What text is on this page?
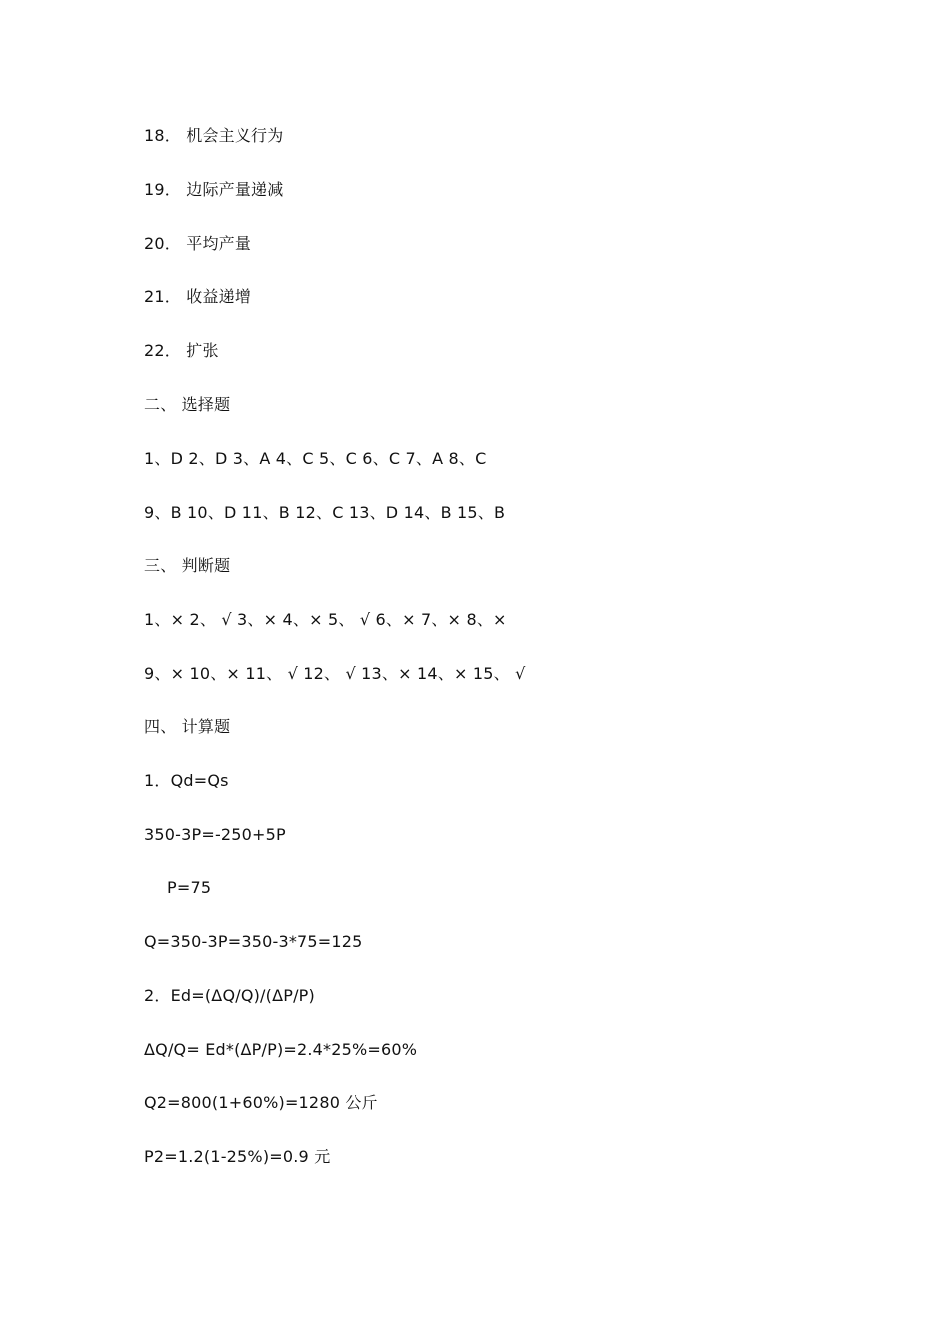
18． 机会主义行为
19． 边际产量递减
20． 平均产量
21． 收益递增
22． 扩张
二、 选择题
1、D 2、D 3、A 4、C 5、C 6、C 7、A 8、C
9、B 10、D 11、B 12、C 13、D 14、B 15、B
三、 判断题
1、× 2、 √ 3、× 4、× 5、 √ 6、× 7、× 8、×
9、× 10、× 11、 √ 12、 √ 13、× 14、× 15、 √
四、 计算题
1．Qd=Qs
350-3P=-250+5P
P=75
Q=350-3P=350-3*75=125
2．Ed=(ΔQ/Q)/(ΔP/P)
ΔQ/Q= Ed*(ΔP/P)=2.4*25%=60%
Q2=800(1+60%)=1280 公斤
P2=1.2(1-25%)=0.9 元
